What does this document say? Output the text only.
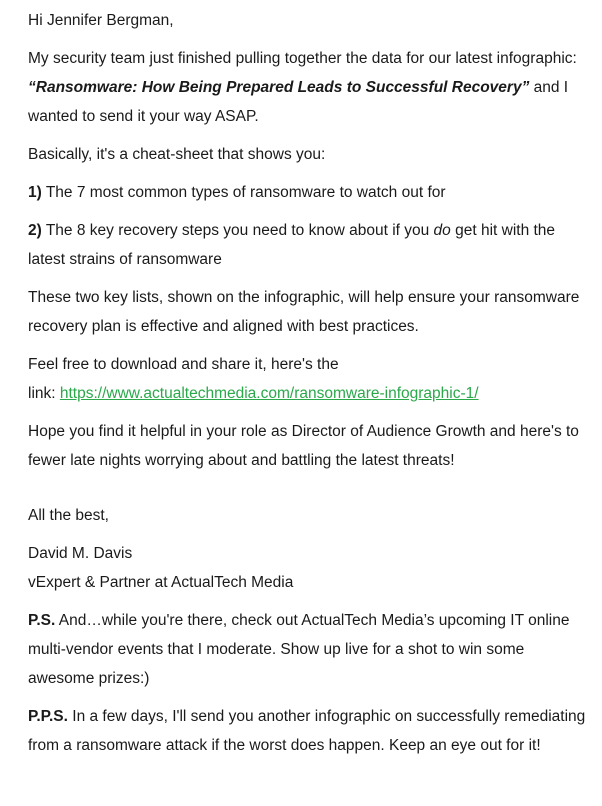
Hi Jennifer Bergman,

My security team just finished pulling together the data for our latest infographic: “Ransomware: How Being Prepared Leads to Successful Recovery” and I wanted to send it your way ASAP.

Basically, it's a cheat-sheet that shows you:

1) The 7 most common types of ransomware to watch out for

2) The 8 key recovery steps you need to know about if you do get hit with the latest strains of ransomware

These two key lists, shown on the infographic, will help ensure your ransomware recovery plan is effective and aligned with best practices.

Feel free to download and share it, here's the
link: https://www.actualtechmedia.com/ransomware-infographic-1/

Hope you find it helpful in your role as Director of Audience Growth and here's to fewer late nights worrying about and battling the latest threats!

All the best,

David M. Davis

vExpert & Partner at ActualTech Media

P.S. And…while you're there, check out ActualTech Media’s upcoming IT online multi-vendor events that I moderate. Show up live for a shot to win some awesome prizes:)

P.P.S. In a few days, I'll send you another infographic on successfully remediating from a ransomware attack if the worst does happen. Keep an eye out for it!
